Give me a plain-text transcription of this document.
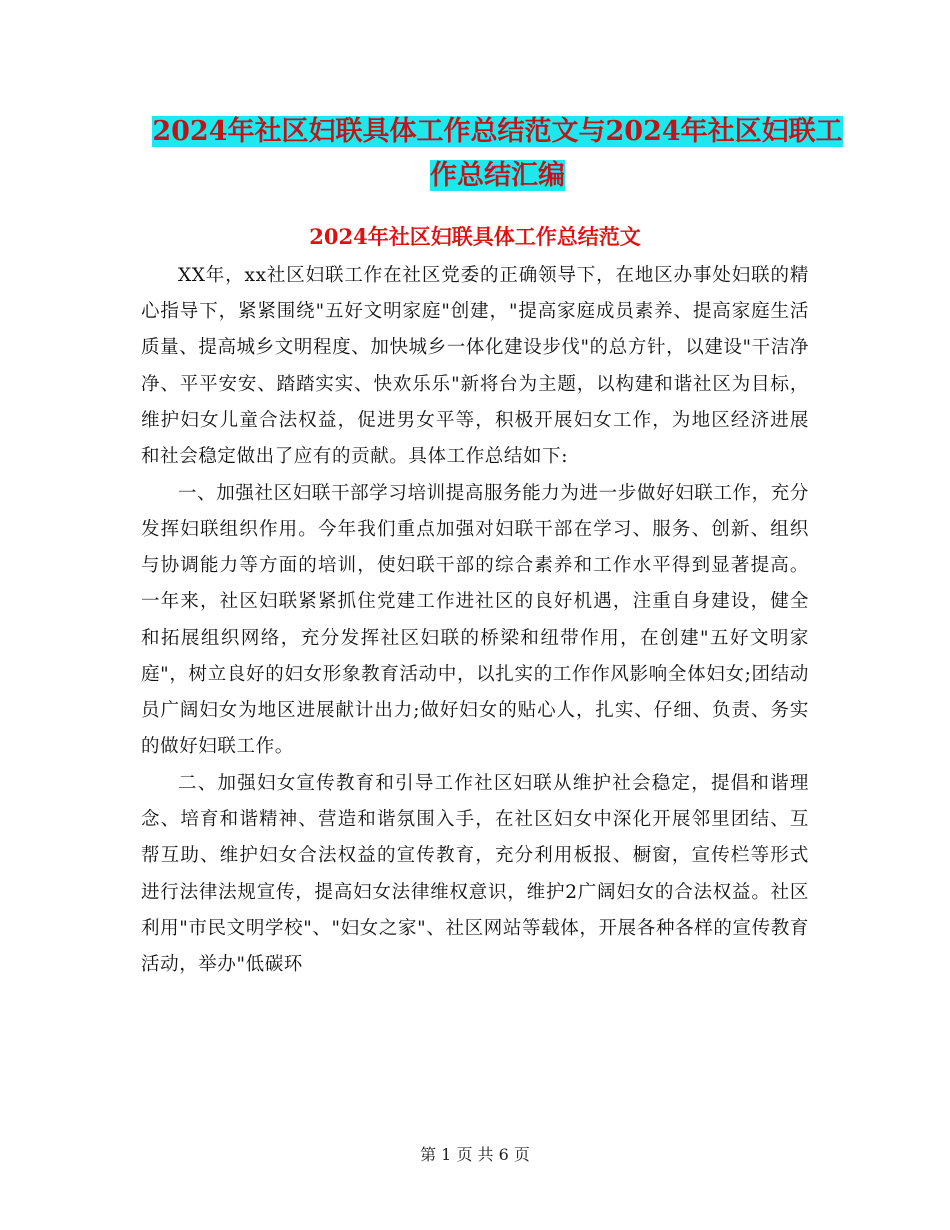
2024年社区妇联具体工作总结范文与2024年社区妇联工作总结汇编
2024年社区妇联具体工作总结范文

XX年，xx社区妇联工作在社区党委的正确领导下，在地区办事处妇联的精心指导下，紧紧围绕"五好文明家庭"创建，"提高家庭成员素养、提高家庭生活质量、提高城乡文明程度、加快城乡一体化建设步伐"的总方针，以建设"干洁净净、平平安安、踏踏实实、快欢乐乐"新将台为主题，以构建和谐社区为目标，维护妇女儿童合法权益，促进男女平等，积极开展妇女工作，为地区经济进展和社会稳定做出了应有的贡献。具体工作总结如下:

一、加强社区妇联干部学习培训提高服务能力为进一步做好妇联工作，充分发挥妇联组织作用。今年我们重点加强对妇联干部在学习、服务、创新、组织与协调能力等方面的培训，使妇联干部的综合素养和工作水平得到显著提高。一年来，社区妇联紧紧抓住党建工作进社区的良好机遇，注重自身建设，健全和拓展组织网络，充分发挥社区妇联的桥梁和纽带作用，在创建"五好文明家庭"，树立良好的妇女形象教育活动中，以扎实的工作作风影响全体妇女;团结动员广阔妇女为地区进展献计出力;做好妇女的贴心人，扎实、仔细、负责、务实的做好妇联工作。

二、加强妇女宣传教育和引导工作社区妇联从维护社会稳定，提倡和谐理念、培育和谐精神、营造和谐氛围入手，在社区妇女中深化开展邻里团结、互帮互助、维护妇女合法权益的宣传教育，充分利用板报、橱窗，宣传栏等形式进行法律法规宣传，提高妇女法律维权意识，维护2广阔妇女的合法权益。社区利用"市民文明学校"、"妇女之家"、社区网站等载体，开展各种各样的宣传教育活动，举办"低碳环

第 1 页 共 6 页
